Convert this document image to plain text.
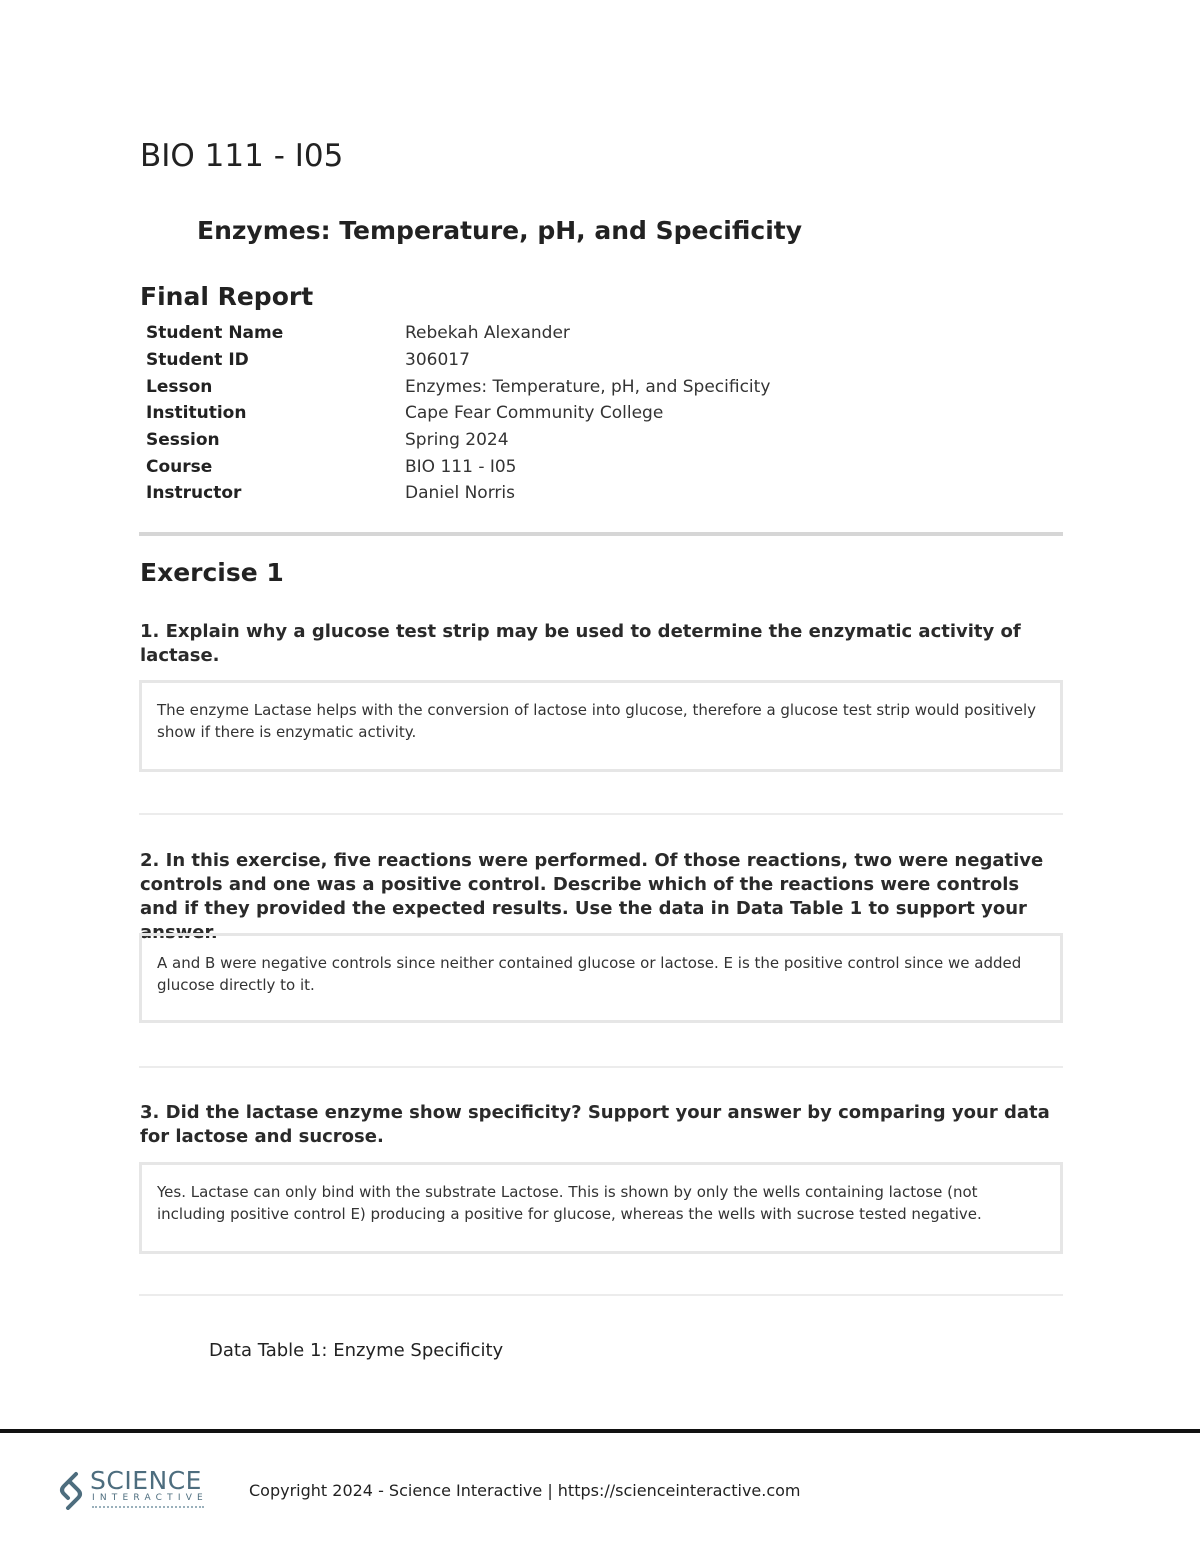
BIO 111 - I05
Enzymes: Temperature, pH, and Specificity
Final Report
Student Name	Rebekah Alexander
Student ID	306017
Lesson	Enzymes: Temperature, pH, and Specificity
Institution	Cape Fear Community College
Session	Spring 2024
Course	BIO 111 - I05
Instructor	Daniel Norris
Exercise 1

1. Explain why a glucose test strip may be used to determine the enzymatic activity of lactase.

The enzyme Lactase helps with the conversion of lactose into glucose, therefore a glucose test strip would positively show if there is enzymatic activity.

2. In this exercise, five reactions were performed. Of those reactions, two were negative controls and one was a positive control. Describe which of the reactions were controls and if they provided the expected results. Use the data in Data Table 1 to support your answer.

A and B were negative controls since neither contained glucose or lactose. E is the positive control since we added glucose directly to it.

3. Did the lactase enzyme show specificity? Support your answer by comparing your data for lactose and sucrose.

Yes. Lactase can only bind with the substrate Lactose. This is shown by only the wells containing lactose (not including positive control E) producing a positive for glucose, whereas the wells with sucrose tested negative.

Data Table 1: Enzyme Specificity

SCIENCE
INTERACTIVE	Copyright 2024 - Science Interactive | https://scienceinteractive.com
